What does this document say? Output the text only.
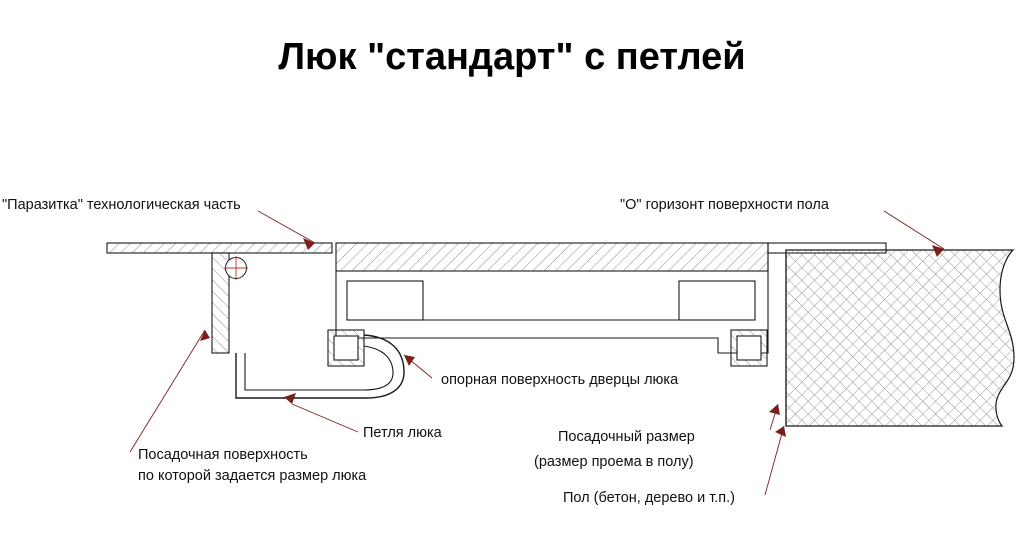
Люк "стандарт" с петлей
"Паразитка" технологическая часть	"О" горизонт поверхности пола
опорная поверхность дверцы люка
Петля люка
Посадочная поверхность
по которой задается размер люка
Посадочный размер
(размер проема в полу)
Пол (бетон, дерево и т.п.)
